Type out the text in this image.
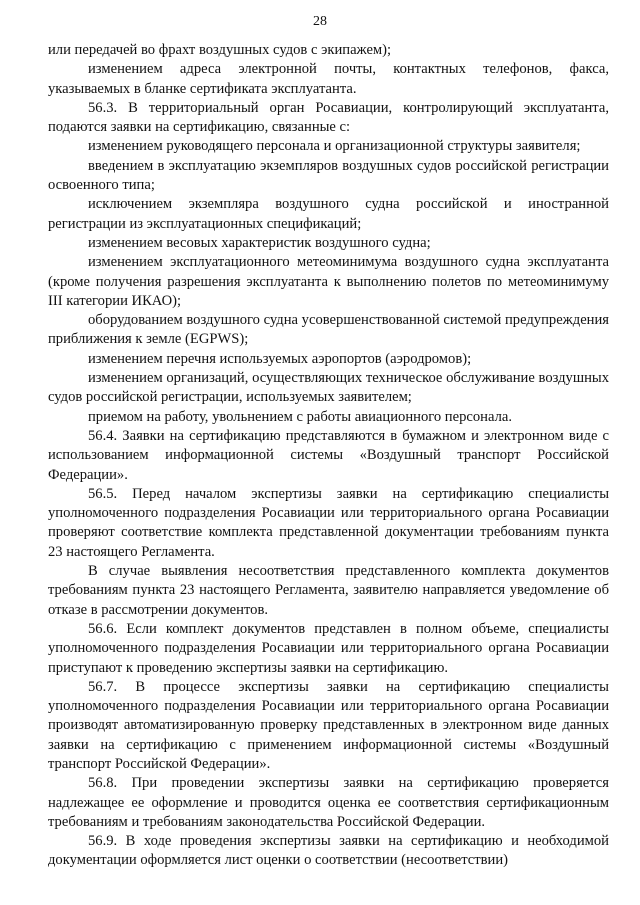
28

или передачей во фрахт воздушных судов с экипажем);

изменением адреса электронной почты, контактных телефонов, факса, указываемых в бланке сертификата эксплуатанта.

56.3. В территориальный орган Росавиации, контролирующий эксплуатанта, подаются заявки на сертификацию, связанные с:

изменением руководящего персонала и организационной структуры заявителя;

введением в эксплуатацию экземпляров воздушных судов российской регистрации освоенного типа;

исключением экземпляра воздушного судна российской и иностранной регистрации из эксплуатационных спецификаций;

изменением весовых характеристик воздушного судна;

изменением эксплуатационного метеоминимума воздушного судна эксплуатанта (кроме получения разрешения эксплуатанта к выполнению полетов по метеоминимуму III категории ИКАО);

оборудованием воздушного судна усовершенствованной системой предупреждения приближения к земле (EGPWS);

изменением перечня используемых аэропортов (аэродромов);

изменением организаций, осуществляющих техническое обслуживание воздушных судов российской регистрации, используемых заявителем;

приемом на работу, увольнением с работы авиационного персонала.

56.4. Заявки на сертификацию представляются в бумажном и электронном виде с использованием информационной системы «Воздушный транспорт Российской Федерации».

56.5. Перед началом экспертизы заявки на сертификацию специалисты уполномоченного подразделения Росавиации или территориального органа Росавиации проверяют соответствие комплекта представленной документации требованиям пункта 23 настоящего Регламента.

В случае выявления несоответствия представленного комплекта документов требованиям пункта 23 настоящего Регламента, заявителю направляется уведомление об отказе в рассмотрении документов.

56.6. Если комплект документов представлен в полном объеме, специалисты уполномоченного подразделения Росавиации или территориального органа Росавиации приступают к проведению экспертизы заявки на сертификацию.

56.7. В процессе экспертизы заявки на сертификацию специалисты уполномоченного подразделения Росавиации или территориального органа Росавиации производят автоматизированную проверку представленных в электронном виде данных заявки на сертификацию с применением информационной системы «Воздушный транспорт Российской Федерации».

56.8. При проведении экспертизы заявки на сертификацию проверяется надлежащее ее оформление и проводится оценка ее соответствия сертификационным требованиям и требованиям законодательства Российской Федерации.

56.9. В ходе проведения экспертизы заявки на сертификацию и необходимой документации оформляется лист оценки о соответствии (несоответствии)
